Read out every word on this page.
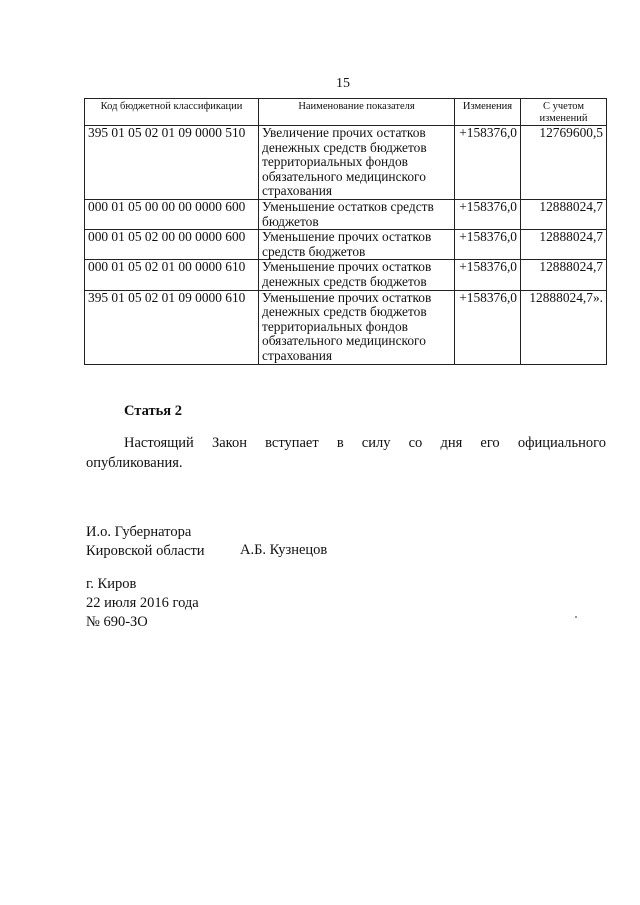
15
Код бюджетной классификации	Наименование показателя	Изменения	С учетом изменений
395 01 05 02 01 09 0000 510	Увеличение прочих остатков денежных средств бюджетов территориальных фондов обязательного медицинского страхования	+158376,0	12769600,5
000 01 05 00 00 00 0000 600	Уменьшение остатков средств бюджетов	+158376,0	12888024,7
000 01 05 02 00 00 0000 600	Уменьшение прочих остатков средств бюджетов	+158376,0	12888024,7
000 01 05 02 01 00 0000 610	Уменьшение прочих остатков денежных средств бюджетов	+158376,0	12888024,7
395 01 05 02 01 09 0000 610	Уменьшение прочих остатков денежных средств бюджетов территориальных фондов обязательного медицинского страхования	+158376,0	12888024,7».
Статья 2
Настоящий Закон вступает в силу со дня его официального
опубликования.
И.о. Губернатора
Кировской области А.Б. Кузнецов
г. Киров
22 июля 2016 года
№ 690-ЗО
